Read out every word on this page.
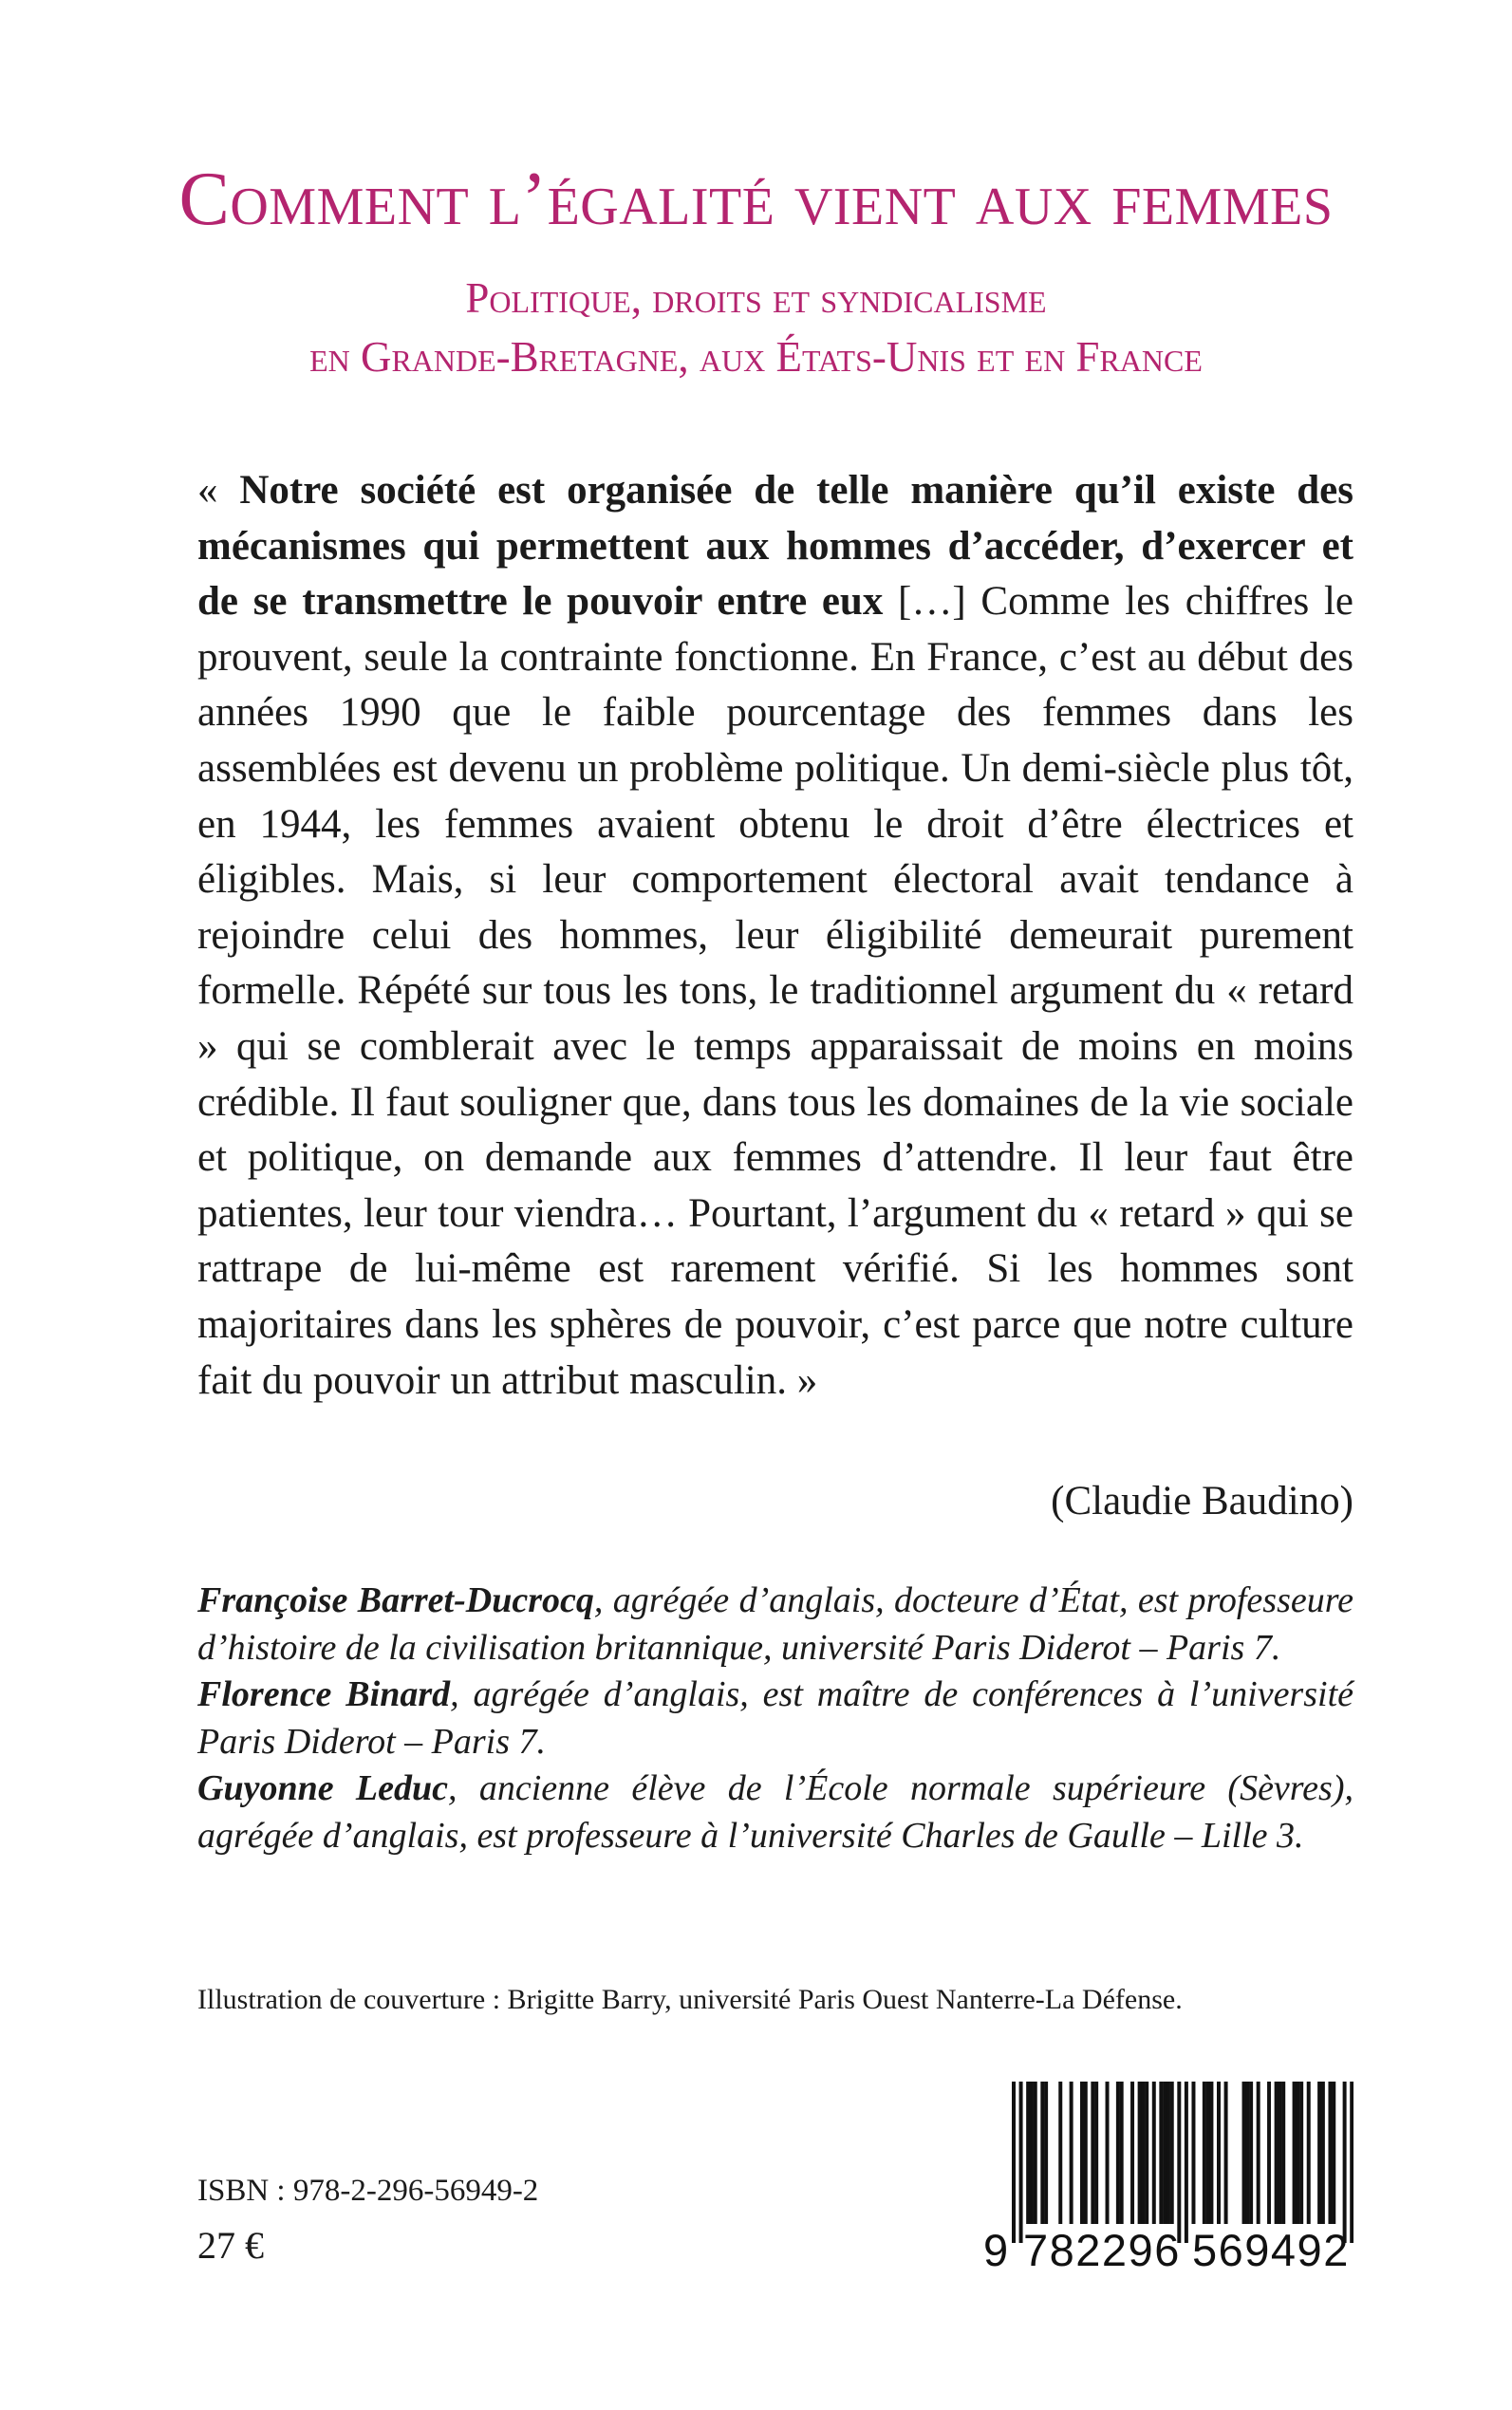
Comment l’égalité vient aux femmes
Politique, droits et syndicalisme
en Grande-Bretagne, aux États-Unis et en France

« Notre société est organisée de telle manière qu’il existe des mécanismes qui permettent aux hommes d’accéder, d’exercer et de se transmettre le pouvoir entre eux […] Comme les chiffres le prouvent, seule la contrainte fonctionne. En France, c’est au début des années 1990 que le faible pourcentage des femmes dans les assemblées est devenu un problème politique. Un demi-siècle plus tôt, en 1944, les femmes avaient obtenu le droit d’être électrices et éligibles. Mais, si leur comportement électoral avait tendance à rejoindre celui des hommes, leur éligibilité demeurait purement formelle. Répété sur tous les tons, le traditionnel argument du « retard » qui se comblerait avec le temps apparaissait de moins en moins crédible. Il faut souligner que, dans tous les domaines de la vie sociale et politique, on demande aux femmes d’attendre. Il leur faut être patientes, leur tour viendra… Pourtant, l’argument du « retard » qui se rattrape de lui-même est rarement vérifié. Si les hommes sont majoritaires dans les sphères de pouvoir, c’est parce que notre culture fait du pouvoir un attribut masculin. »

(Claudie Baudino)

Françoise Barret-Ducrocq, agrégée d’anglais, docteure d’État, est professeure d’histoire de la civilisation britannique, université Paris Diderot – Paris 7.

Florence Binard, agrégée d’anglais, est maître de conférences à l’université Paris Diderot – Paris 7.

Guyonne Leduc, ancienne élève de l’École normale supérieure (Sèvres), agrégée d’anglais, est professeure à l’université Charles de Gaulle – Lille 3.

Illustration de couverture : Brigitte Barry, université Paris Ouest Nanterre-La Défense.

ISBN : 978-2-296-56949-2

27 €	9 782296 569492
